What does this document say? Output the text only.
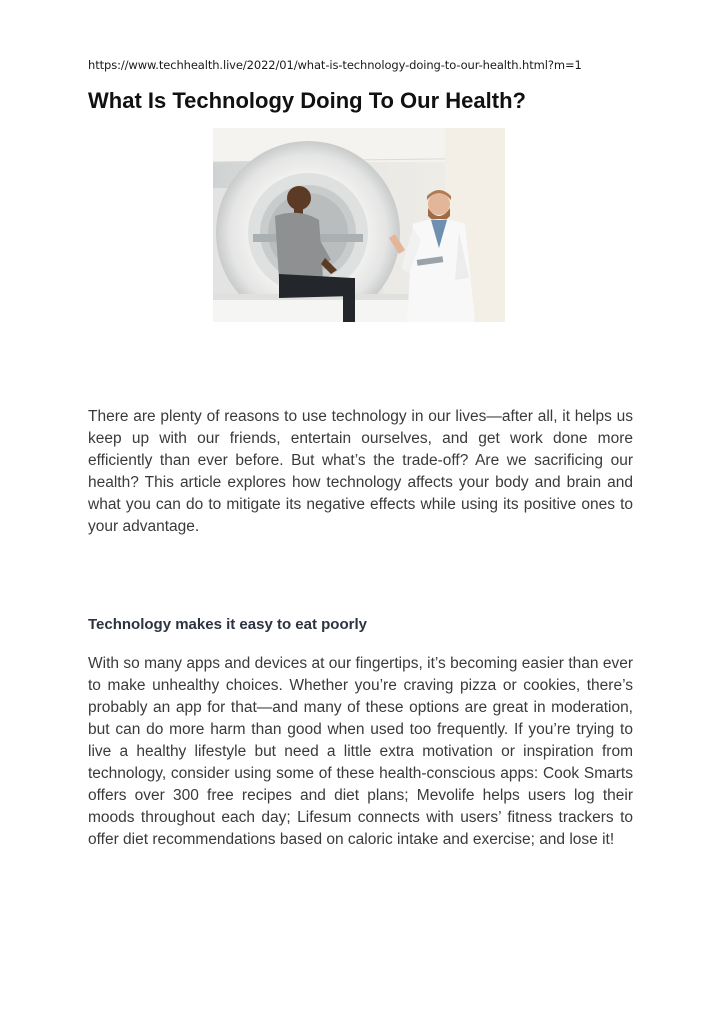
https://www.techhealth.live/2022/01/what-is-technology-doing-to-our-health.html?m=1
What Is Technology Doing To Our Health?

There are plenty of reasons to use technology in our lives—after all, it helps us keep up with our friends, entertain ourselves, and get work done more efficiently than ever before. But what’s the trade-off? Are we sacrificing our health? This article explores how technology affects your body and brain and what you can do to mitigate its negative effects while using its positive ones to your advantage.

Technology makes it easy to eat poorly

With so many apps and devices at our fingertips, it’s becoming easier than ever to make unhealthy choices. Whether you’re craving pizza or cookies, there’s probably an app for that—and many of these options are great in moderation, but can do more harm than good when used too frequently. If you’re trying to live a healthy lifestyle but need a little extra motivation or inspiration from technology, consider using some of these health-conscious apps: Cook Smarts offers over 300 free recipes and diet plans; Mevolife helps users log their moods throughout each day; Lifesum connects with users’ fitness trackers to offer diet recommendations based on caloric intake and exercise; and lose it!
